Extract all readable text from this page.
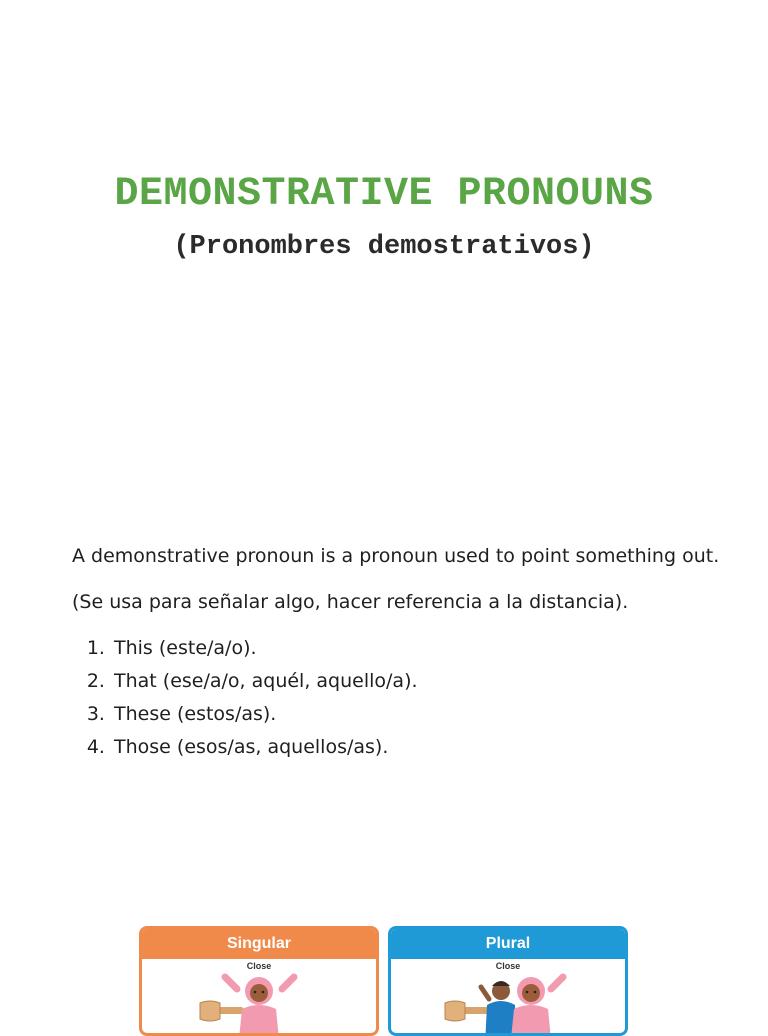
DEMONSTRATIVE PRONOUNS
(Pronombres demostrativos)

A demonstrative pronoun is a pronoun used to point something out.

(Se usa para señalar algo, hacer referencia a la distancia).

1. This (este/a/o).
2. That (ese/a/o, aquél, aquello/a).
3. These (estos/as).
4. Those (esos/as, aquellos/as).
Singular
Close
Plural
Close
